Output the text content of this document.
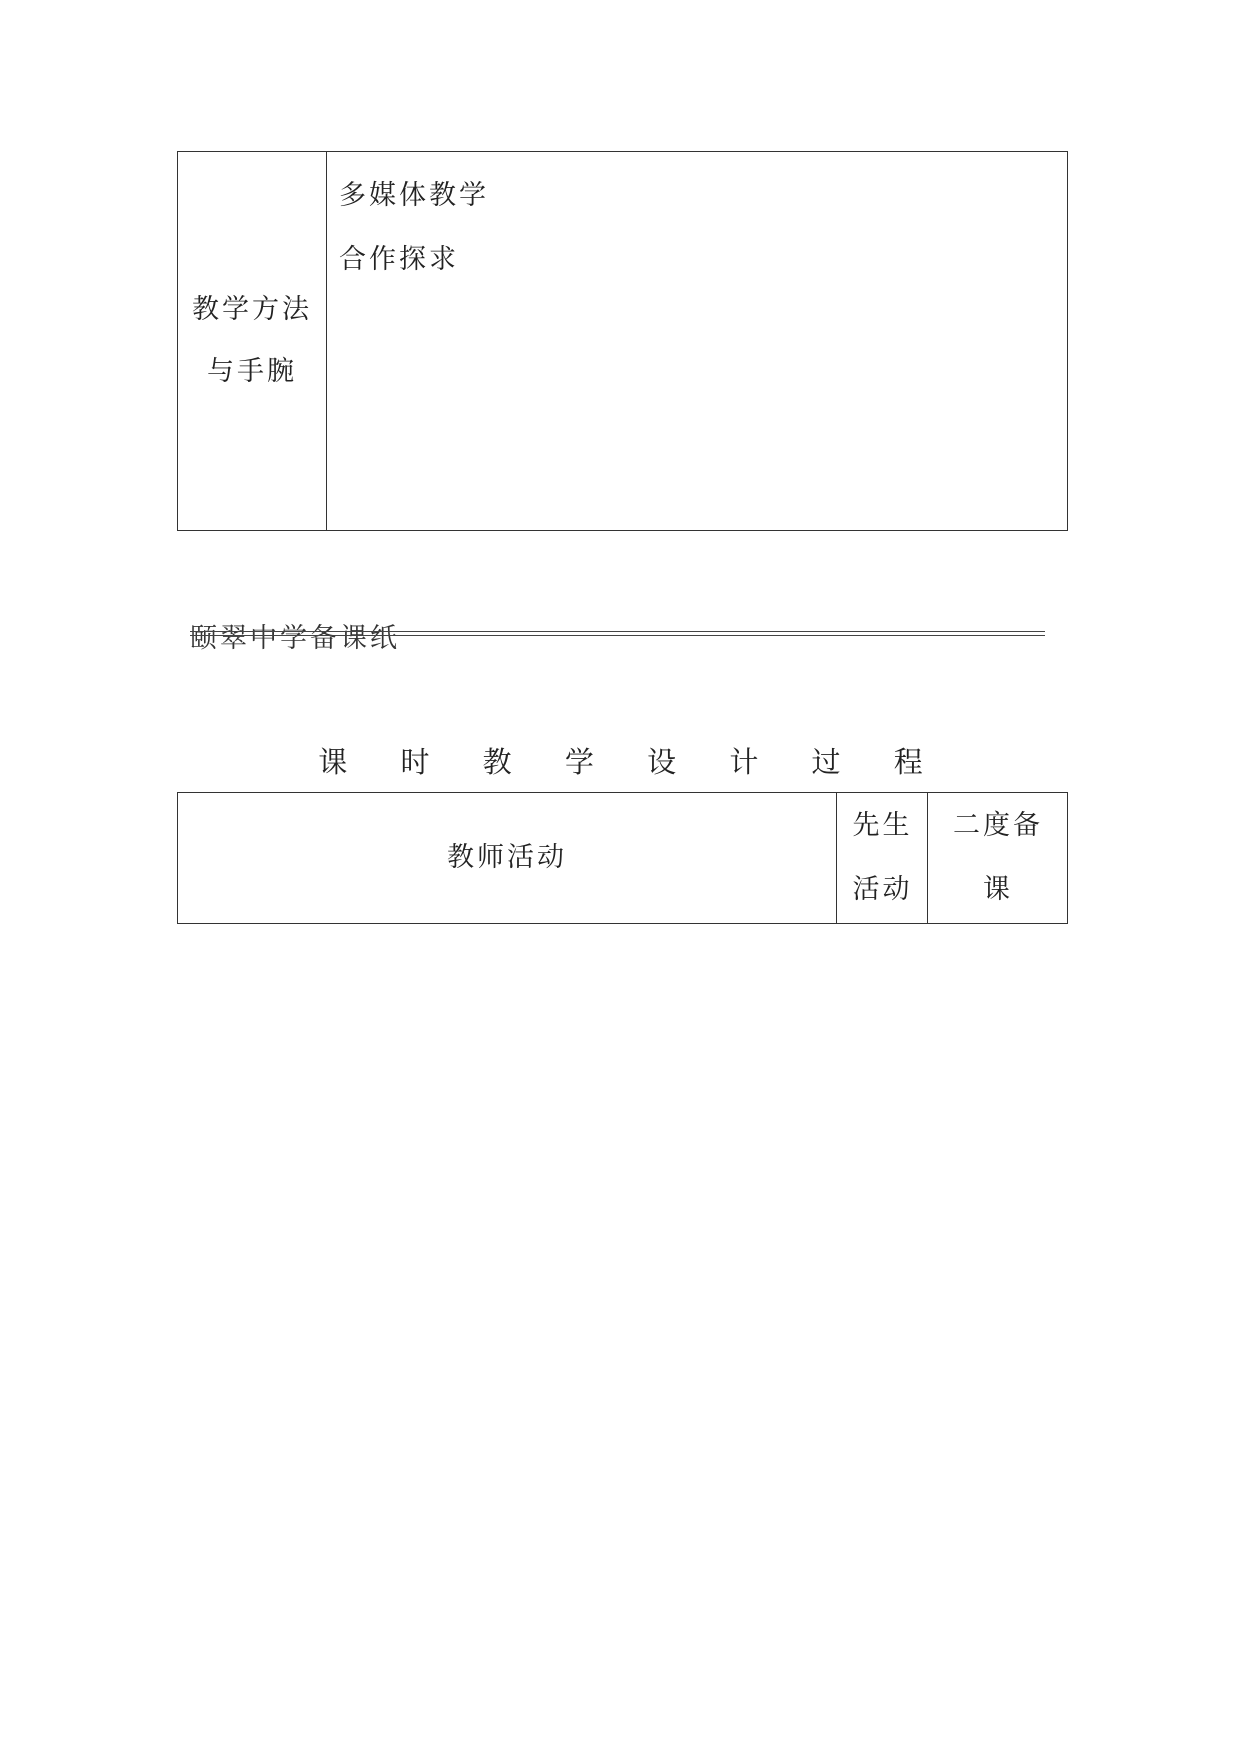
教学方法
与手腕
多媒体教学
合作探求
颐翠中学备课纸
课 时 教 学 设 计 过 程
教师活动
先生
活动
二度备
课
